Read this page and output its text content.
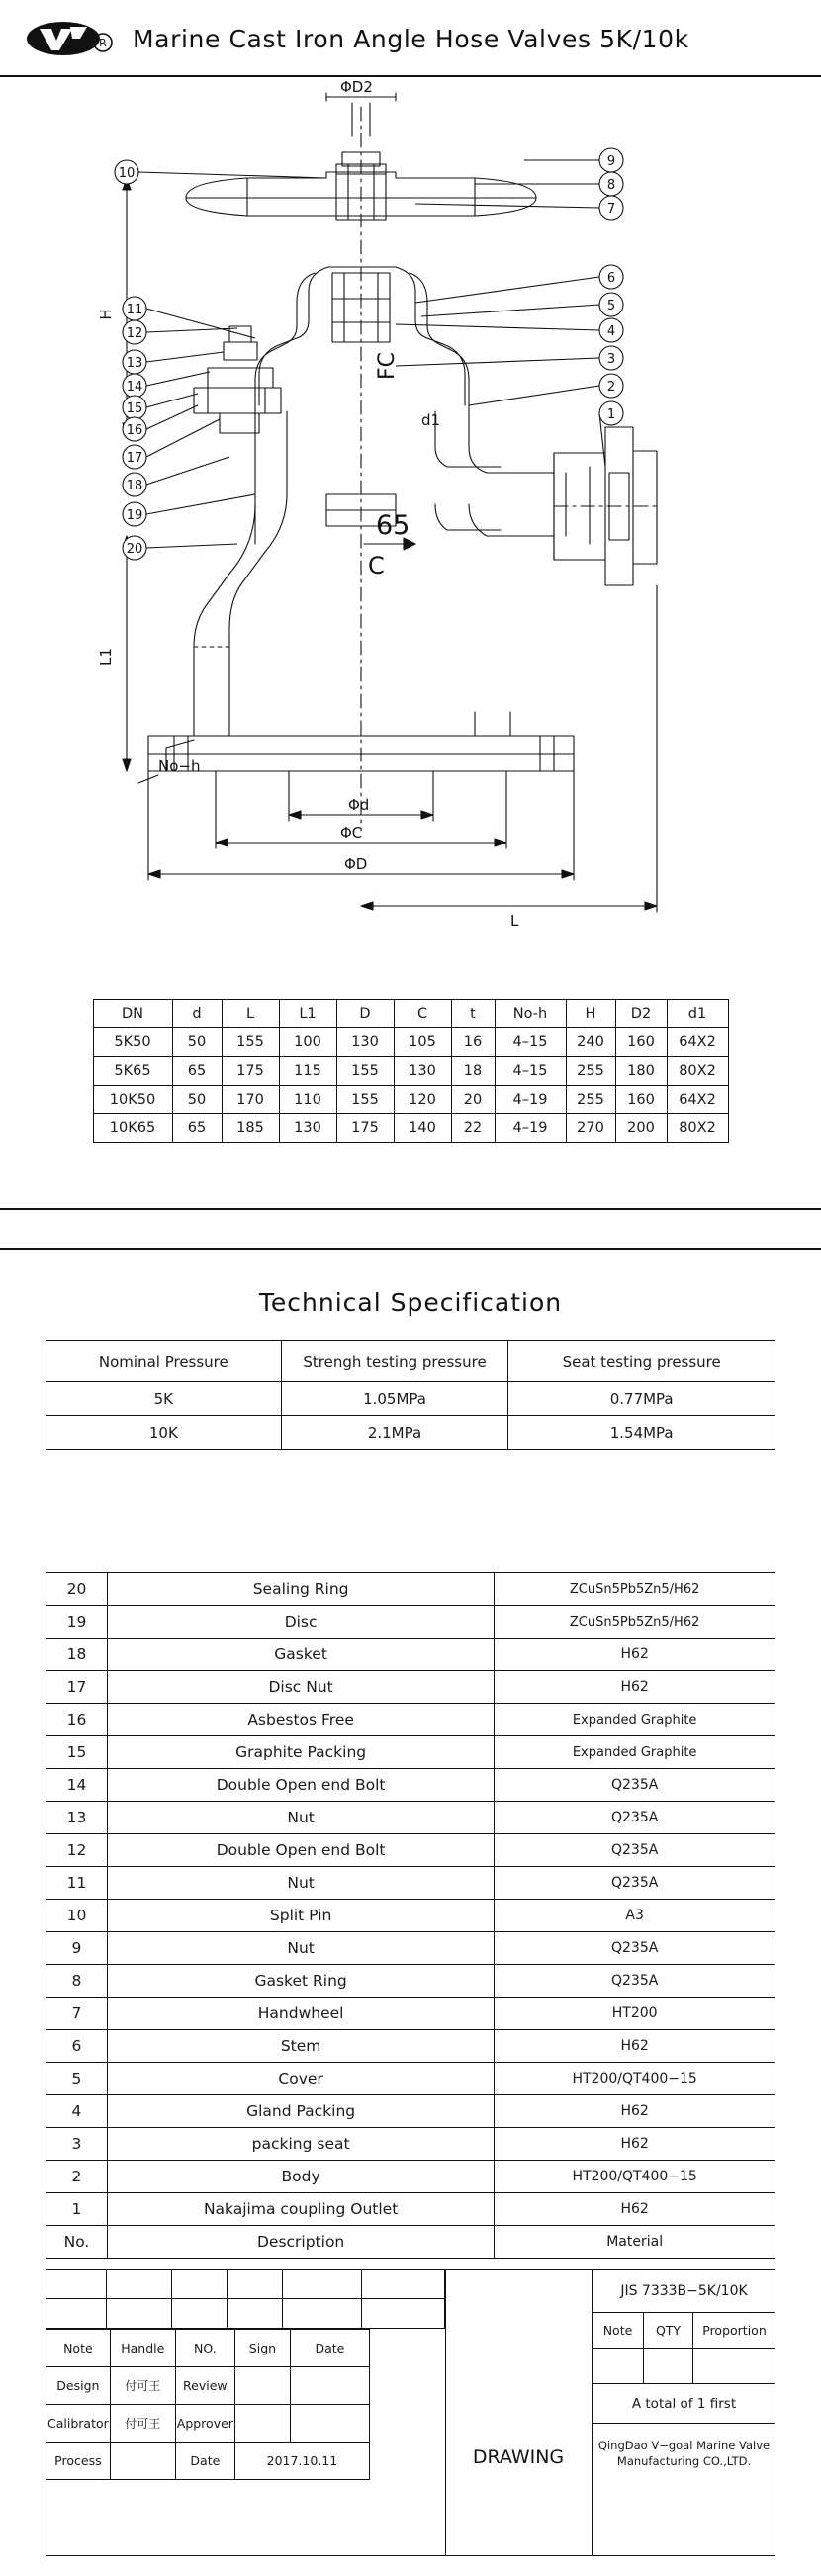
R Marine Cast Iron Angle Hose Valves 5K/10k
9
8
7
6
5
4
3
2
1
10
11
12
13
14
15
16
17
18
19
20
ΦD2
Φd
ΦC
ΦD
L
No−h
d1
H
L1
FC
C
65
DN	d	L	L1	D	C	t	No-h	H	D2	d1
5K50	50	155	100	130	105	16	4–15	240	160	64X2
5K65	65	175	115	155	130	18	4–15	255	180	80X2
10K50	50	170	110	155	120	20	4–19	255	160	64X2
10K65	65	185	130	175	140	22	4–19	270	200	80X2
Technical Specification
Nominal Pressure	Strengh testing pressure	Seat testing pressure
5K	1.05MPa	0.77MPa
10K	2.1MPa	1.54MPa
20	Sealing Ring	ZCuSn5Pb5Zn5/H62
19	Disc	ZCuSn5Pb5Zn5/H62
18	Gasket	H62
17	Disc Nut	H62
16	Asbestos Free	Expanded Graphite
15	Graphite Packing	Expanded Graphite
14	Double Open end Bolt	Q235A
13	Nut	Q235A
12	Double Open end Bolt	Q235A
11	Nut	Q235A
10	Split Pin	A3
9	Nut	Q235A
8	Gasket Ring	Q235A
7	Handwheel	HT200
6	Stem	H62
5	Cover	HT200/QT400−15
4	Gland Packing	H62
3	packing seat	H62
2	Body	HT200/QT400−15
1	Nakajima coupling Outlet	H62
No.	Description	Material
Note	Handle	NO.	Sign	Date
Design	付可王	Review		
Calibrator	付可王	Approver		
Process		Date	2017.10.11		DRAWING
JIS 7333B−5K/10K
Note	QTY	Proportion
A total of 1 first
QingDao V−goal Marine Valve
Manufacturing CO.,LTD.
